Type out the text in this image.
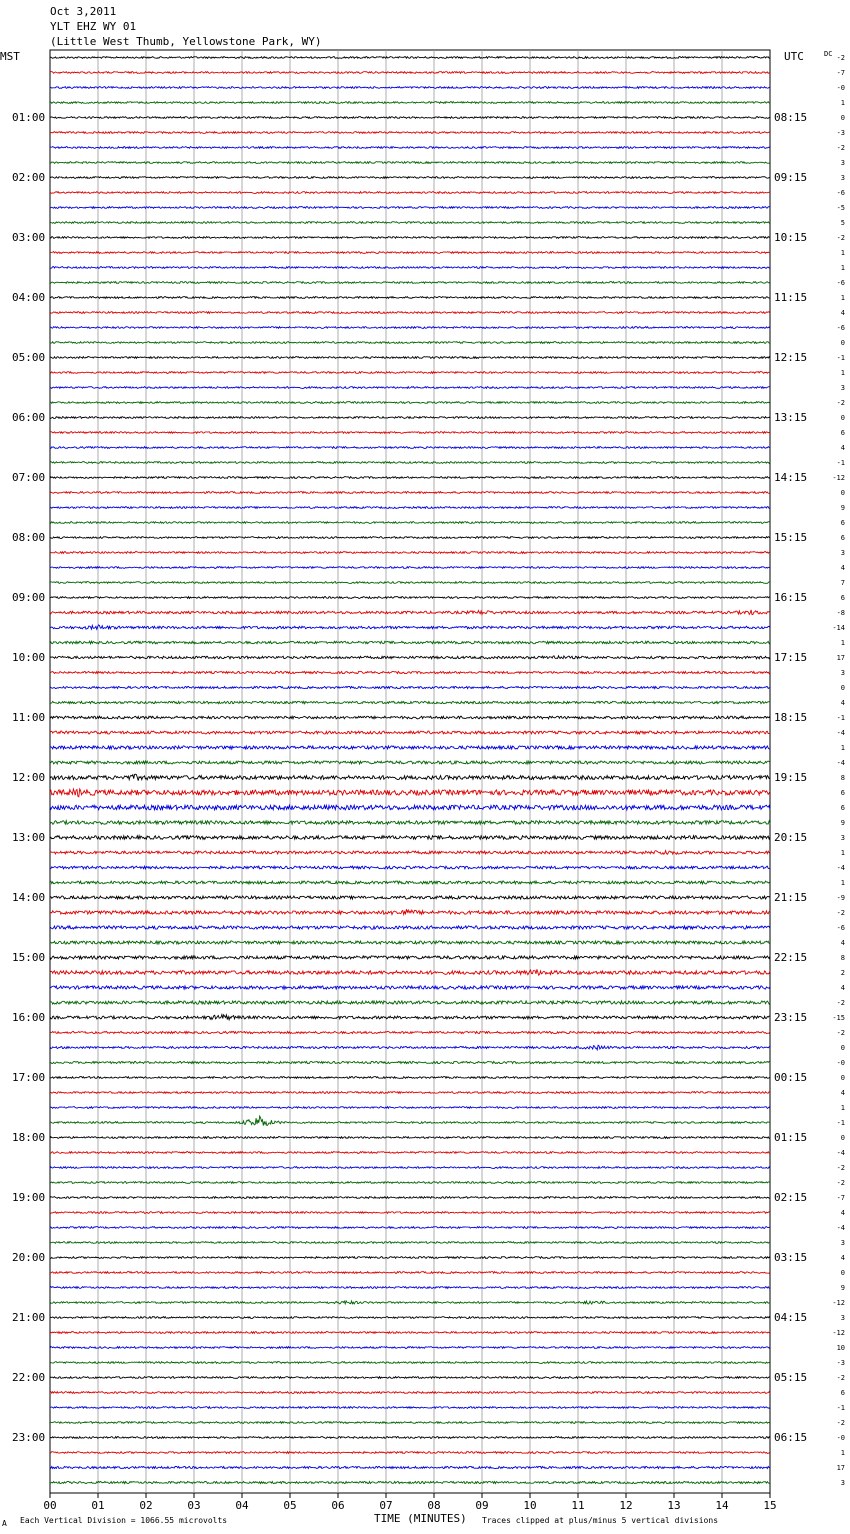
00	01	02	03	04	05	06	07	08	09	10	11	12	13	14	15
Oct 3,2011
YLT EHZ WY 01
(Little West Thumb, Yellowstone Park, WY)
MST	UTC	DC
01:00
02:00
03:00
04:00
05:00
06:00
07:00
08:00
09:00
10:00
11:00
12:00
13:00
14:00
15:00
16:00
17:00
18:00
19:00
20:00
21:00
22:00
23:00
08:15
09:15
10:15
11:15
12:15
13:15
14:15
15:15
16:15
17:15
18:15
19:15
20:15
21:15
22:15
23:15
00:15
01:15
02:15
03:15
04:15
05:15
06:15
-2
-7
-0
1
0
-3
-2
3
3
-6
-5
5
-2
1
1
-6
1
4
-6
0
-1
1
3
-2
0
6
4
-1
-12
0
9
6
6
3
4
7
6
-8
-14
1
17
3
0
4
-1
-4
1
-4
8
6
6
9
3
1
-4
1
-9
-2
-6
4
8
2
4
-2
-15
-2
0
-0
0
4
1
-1
0
-4
-2
-2
-7
4
-4
3
4
0
9
-12
3
-12
10
-3
-2
6
-1
-2
-0
1
17
3
A Each Vertical Division = 1066.55 microvolts	TIME (MINUTES) Traces clipped at plus/minus 5 vertical divisions
